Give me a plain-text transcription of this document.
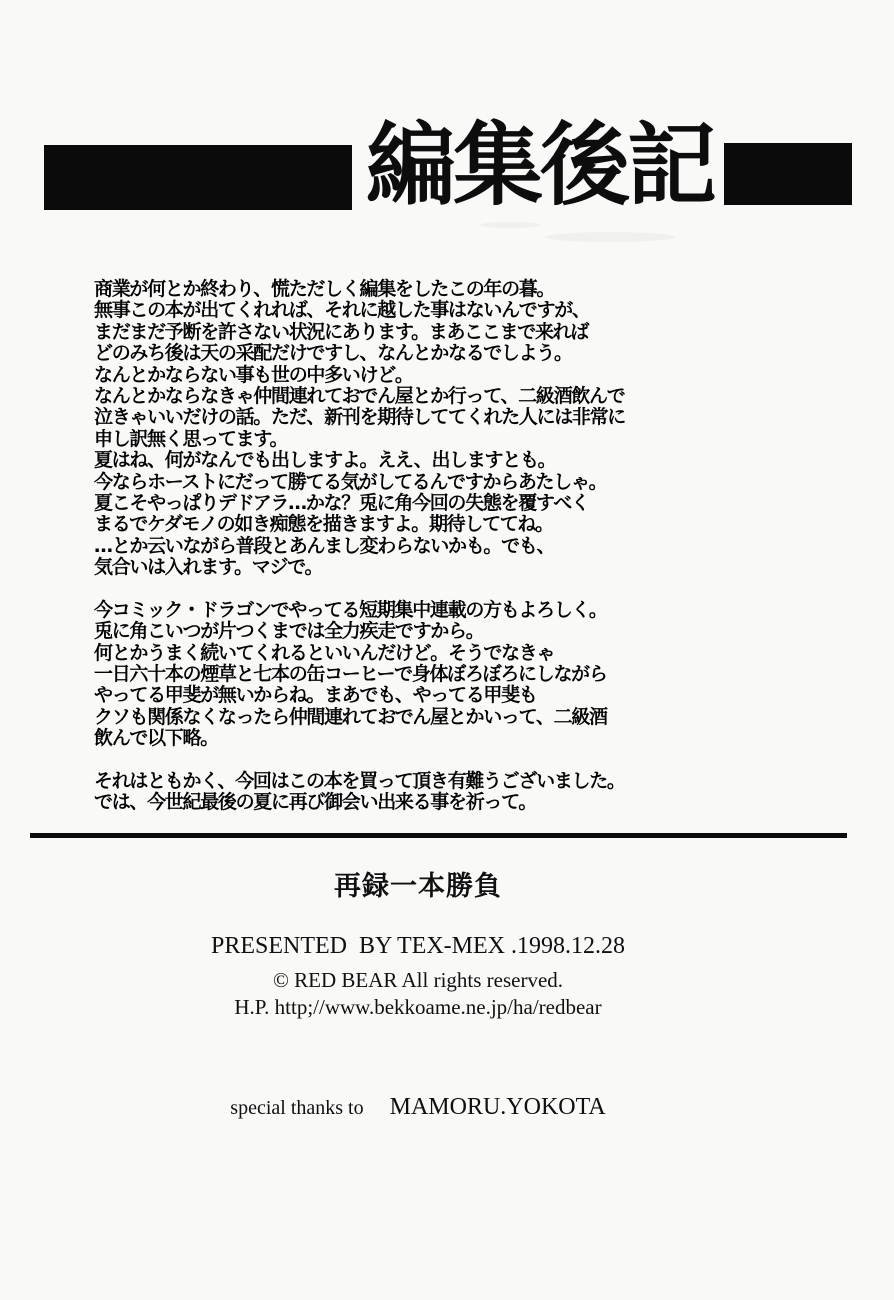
編集後記
商業が何とか終わり、慌ただしく編集をしたこの年の暮。
無事この本が出てくれれば、それに越した事はないんですが、
まだまだ予断を許さない状況にあります。まあここまで来れば
どのみち後は天の采配だけですし、なんとかなるでしよう。
なんとかならない事も世の中多いけど。
なんとかならなきゃ仲間連れておでん屋とか行って、二級酒飲んで
泣きゃいいだけの話。ただ、新刊を期待しててくれた人には非常に
申し訳無く思ってます。
夏はね、何がなんでも出しますよ。ええ、出しますとも。
今ならホーストにだって勝てる気がしてるんですからあたしゃ。
夏こそやっぱりデドアラ…かな？兎に角今回の失態を覆すべく
まるでケダモノの如き痴態を描きますよ。期待しててね。
…とか云いながら普段とあんまし変わらないかも。でも、
気合いは入れます。マジで。
今コミック・ドラゴンでやってる短期集中連載の方もよろしく。
兎に角こいつが片つくまでは全力疾走ですから。
何とかうまく続いてくれるといいんだけど。そうでなきゃ
一日六十本の煙草と七本の缶コーヒーで身体ぼろぼろにしながら
やってる甲斐が無いからね。まあでも、やってる甲斐も
クソも関係なくなったら仲間連れておでん屋とかいって、二級酒
飲んで以下略。
それはともかく、今回はこの本を買って頂き有難うございました。
では、今世紀最後の夏に再び御会い出来る事を祈って。
再録一本勝負
PRESENTED  BY TEX-MEX .1998.12.28
© RED BEAR All rights reserved.
H.P. http;//www.bekkoame.ne.jp/ha/redbear
special thanks to MAMORU.YOKOTA
